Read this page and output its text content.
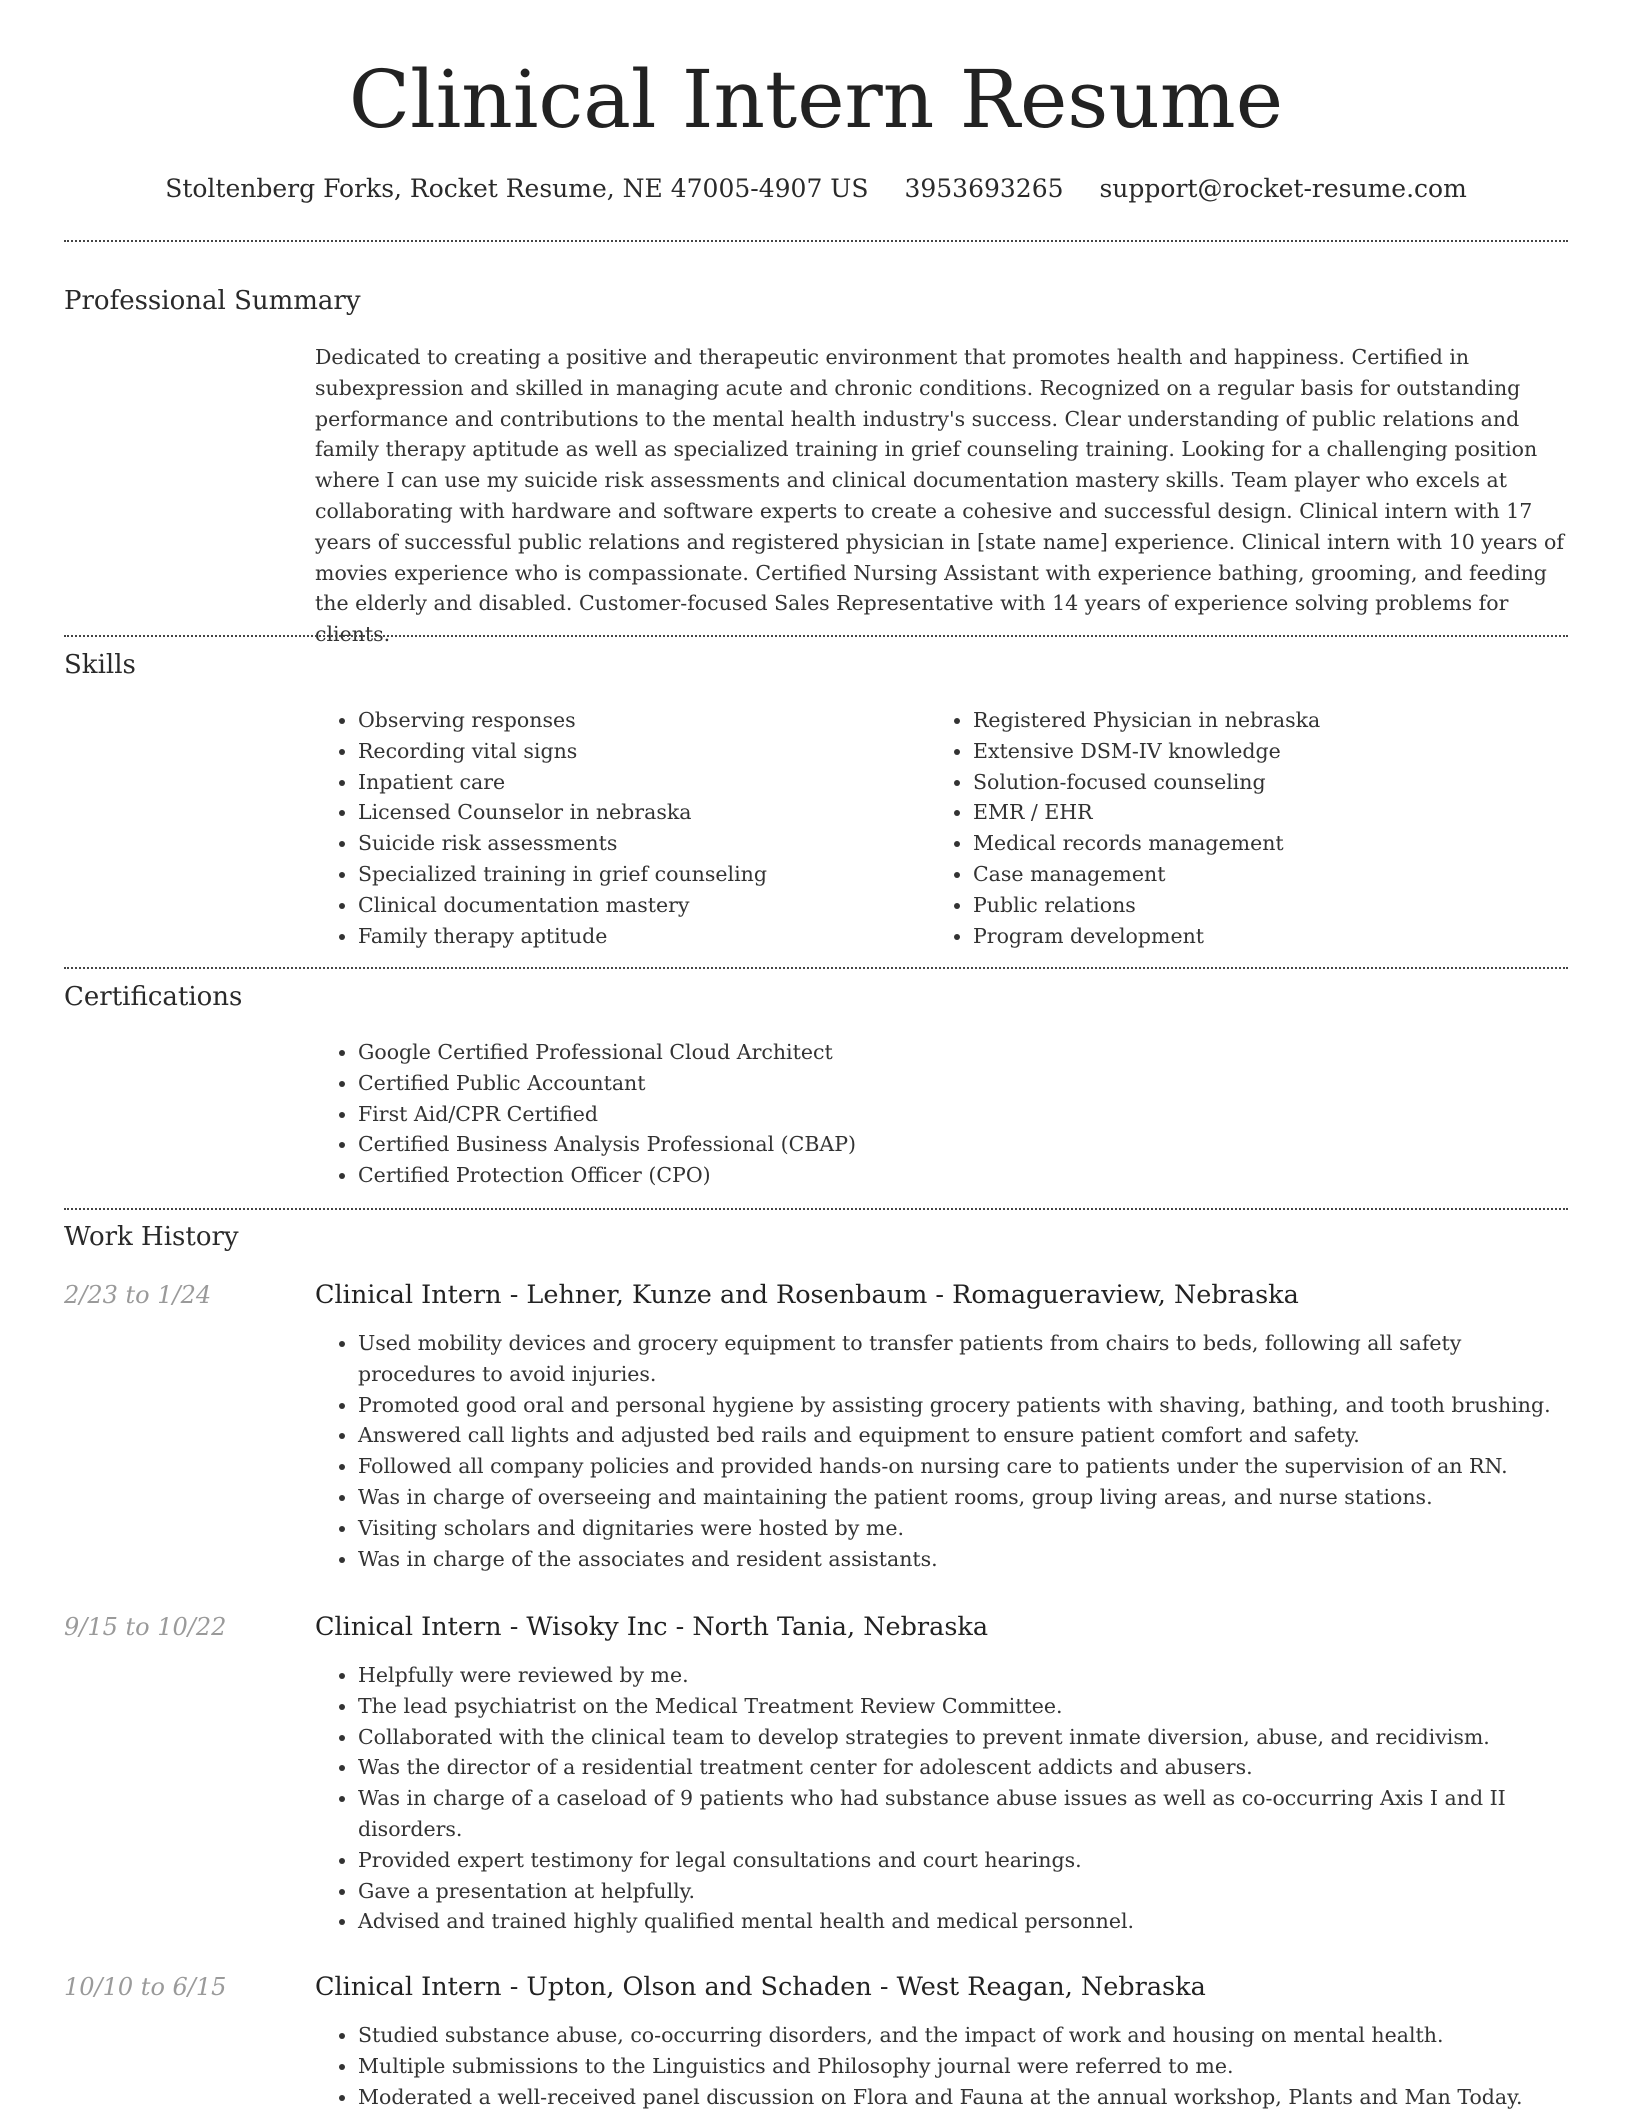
Clinical Intern Resume
Stoltenberg Forks, Rocket Resume, NE 47005-4907 US 3953693265 support@rocket-resume.com
Professional Summary

Dedicated to creating a positive and therapeutic environment that promotes health and happiness. Certified in subexpression and skilled in managing acute and chronic conditions. Recognized on a regular basis for outstanding performance and contributions to the mental health industry's success. Clear understanding of public relations and family therapy aptitude as well as specialized training in grief counseling training. Looking for a challenging position where I can use my suicide risk assessments and clinical documentation mastery skills. Team player who excels at collaborating with hardware and software experts to create a cohesive and successful design. Clinical intern with 17 years of successful public relations and registered physician in [state name] experience. Clinical intern with 10 years of movies experience who is compassionate. Certified Nursing Assistant with experience bathing, grooming, and feeding the elderly and disabled. Customer-focused Sales Representative with 14 years of experience solving problems for clients.

Skills
• Observing responses
• Recording vital signs
• Inpatient care
• Licensed Counselor in nebraska
• Suicide risk assessments
• Specialized training in grief counseling
• Clinical documentation mastery
• Family therapy aptitude
• Registered Physician in nebraska
• Extensive DSM-IV knowledge
• Solution-focused counseling
• EMR / EHR
• Medical records management
• Case management
• Public relations
• Program development
Certifications
• Google Certified Professional Cloud Architect
• Certified Public Accountant
• First Aid/CPR Certified
• Certified Business Analysis Professional (CBAP)
• Certified Protection Officer (CPO)
Work History
2/23 to 1/24	Clinical Intern - Lehner, Kunze and Rosenbaum - Romagueraview, Nebraska
• Used mobility devices and grocery equipment to transfer patients from chairs to beds, following all safety procedures to avoid injuries.
• Promoted good oral and personal hygiene by assisting grocery patients with shaving, bathing, and tooth brushing.
• Answered call lights and adjusted bed rails and equipment to ensure patient comfort and safety.
• Followed all company policies and provided hands-on nursing care to patients under the supervision of an RN.
• Was in charge of overseeing and maintaining the patient rooms, group living areas, and nurse stations.
• Visiting scholars and dignitaries were hosted by me.
• Was in charge of the associates and resident assistants.
9/15 to 10/22	Clinical Intern - Wisoky Inc - North Tania, Nebraska
• Helpfully were reviewed by me.
• The lead psychiatrist on the Medical Treatment Review Committee.
• Collaborated with the clinical team to develop strategies to prevent inmate diversion, abuse, and recidivism.
• Was the director of a residential treatment center for adolescent addicts and abusers.
• Was in charge of a caseload of 9 patients who had substance abuse issues as well as co-occurring Axis I and II disorders.
• Provided expert testimony for legal consultations and court hearings.
• Gave a presentation at helpfully.
• Advised and trained highly qualified mental health and medical personnel.
10/10 to 6/15	Clinical Intern - Upton, Olson and Schaden - West Reagan, Nebraska
• Studied substance abuse, co-occurring disorders, and the impact of work and housing on mental health.
• Multiple submissions to the Linguistics and Philosophy journal were referred to me.
• Moderated a well-received panel discussion on Flora and Fauna at the annual workshop, Plants and Man Today.
